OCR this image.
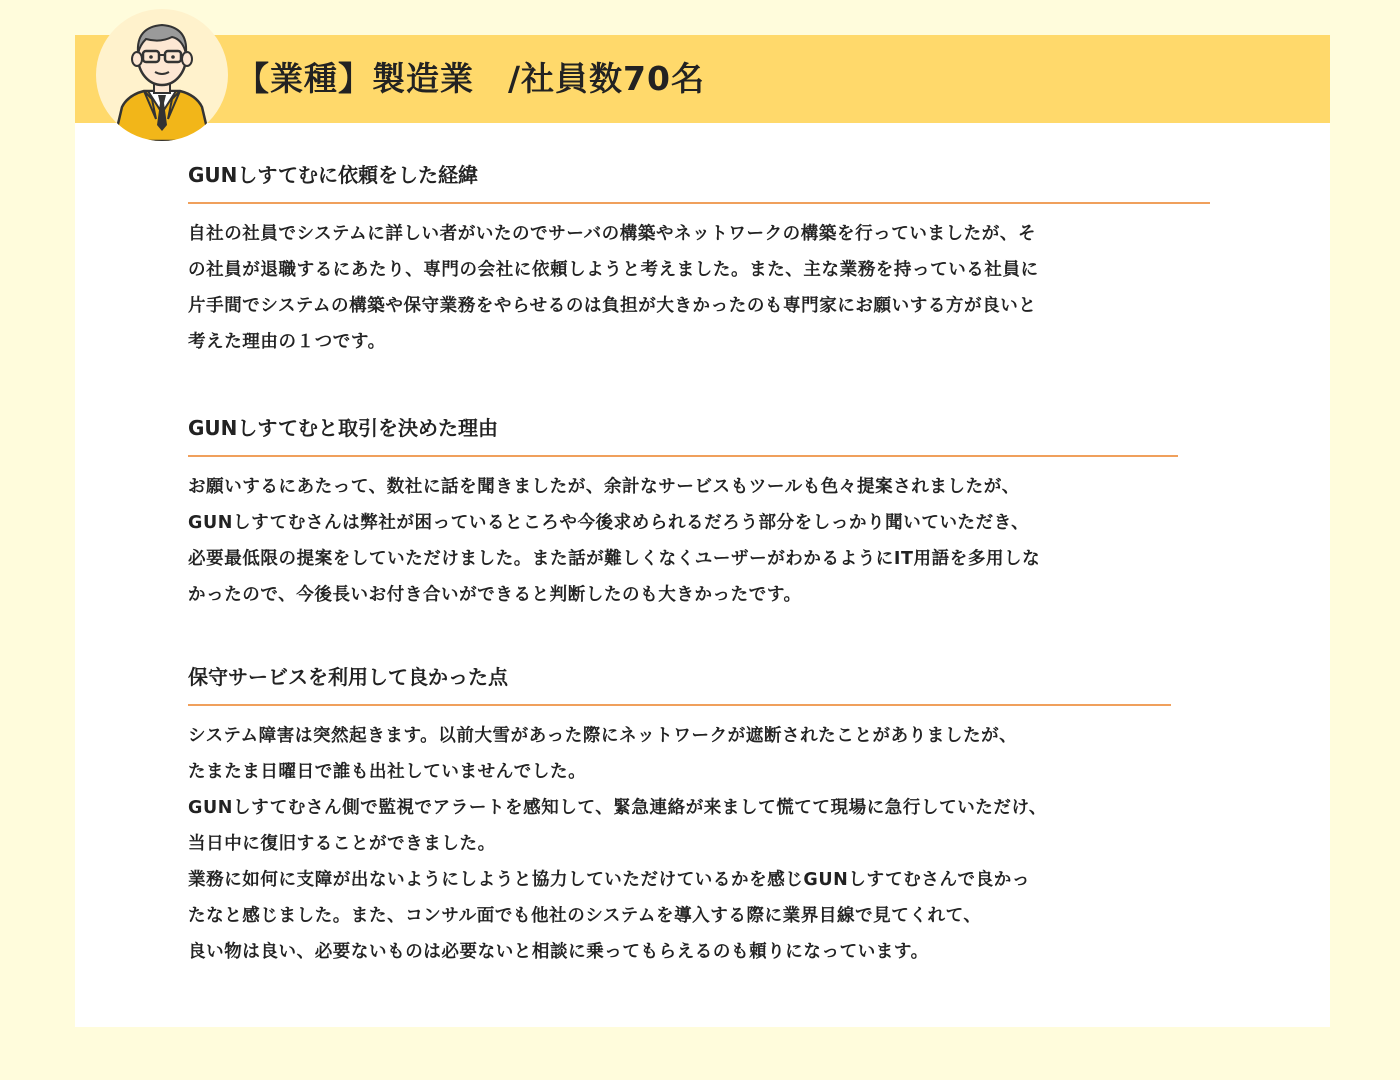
【業種】製造業　/社員数70名
GUNしすてむに依頼をした経緯

自社の社員でシステムに詳しい者がいたのでサーバの構築やネットワークの構築を行っていましたが、そ

の社員が退職するにあたり、専門の会社に依頼しようと考えました。また、主な業務を持っている社員に

片手間でシステムの構築や保守業務をやらせるのは負担が大きかったのも専門家にお願いする方が良いと

考えた理由の１つです。

GUNしすてむと取引を決めた理由

お願いするにあたって、数社に話を聞きましたが、余計なサービスもツールも色々提案されましたが、

GUNしすてむさんは弊社が困っているところや今後求められるだろう部分をしっかり聞いていただき、

必要最低限の提案をしていただけました。また話が難しくなくユーザーがわかるようにIT用語を多用しな

かったので、今後長いお付き合いができると判断したのも大きかったです。

保守サービスを利用して良かった点

システム障害は突然起きます。以前大雪があった際にネットワークが遮断されたことがありましたが、

たまたま日曜日で誰も出社していませんでした。

GUNしすてむさん側で監視でアラートを感知して、緊急連絡が来まして慌てて現場に急行していただけ、

当日中に復旧することができました。

業務に如何に支障が出ないようにしようと協力していただけているかを感じGUNしすてむさんで良かっ

たなと感じました。また、コンサル面でも他社のシステムを導入する際に業界目線で見てくれて、

良い物は良い、必要ないものは必要ないと相談に乗ってもらえるのも頼りになっています。
